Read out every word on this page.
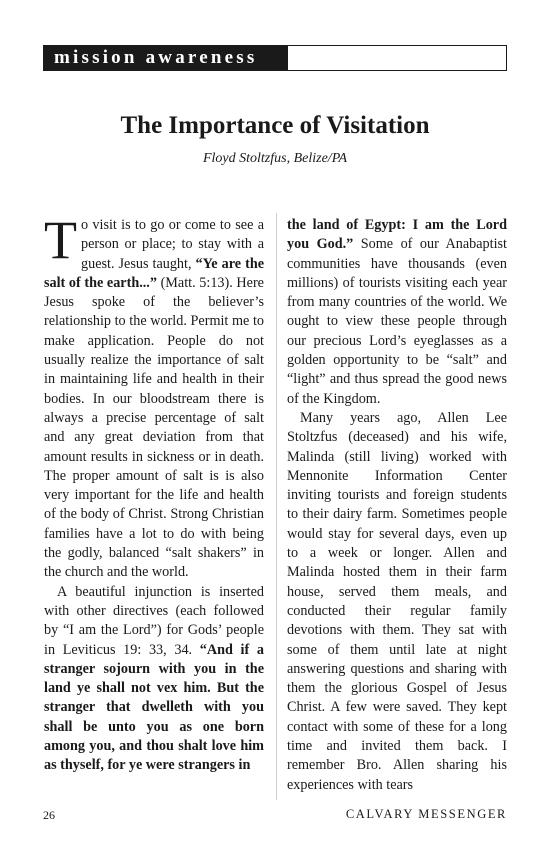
mission awareness
The Importance of Visitation
Floyd Stoltzfus, Belize/PA

To visit is to go or come to see a person or place; to stay with a guest. Jesus taught, “Ye are the salt of the earth...” (Matt. 5:13). Here Jesus spoke of the believer’s relationship to the world. Permit me to make application. People do not usually realize the importance of salt in maintaining life and health in their bodies. In our bloodstream there is always a precise percentage of salt and any great deviation from that amount results in sickness or in death. The proper amount of salt is is also very important for the life and health of the body of Christ. Strong Christian families have a lot to do with being the godly, balanced “salt shakers” in the church and the world.

A beautiful injunction is inserted with other directives (each followed by “I am the Lord”) for Gods’ people in Leviticus 19: 33, 34. “And if a stranger sojourn with you in the land ye shall not vex him. But the stranger that dwelleth with you shall be unto you as one born among you, and thou shalt love him as thyself, for ye were strangers in

the land of Egypt: I am the Lord you God.” Some of our Anabaptist communities have thousands (even millions) of tourists visiting each year from many countries of the world. We ought to view these people through our precious Lord’s eyeglasses as a golden opportunity to be “salt” and “light” and thus spread the good news of the Kingdom.

Many years ago, Allen Lee Stoltzfus (deceased) and his wife, Malinda (still living) worked with Mennonite Information Center inviting tourists and foreign students to their dairy farm. Sometimes people would stay for several days, even up to a week or longer. Allen and Malinda hosted them in their farm house, served them meals, and conducted their regular family devotions with them. They sat with some of them until late at night answering questions and sharing with them the glorious Gospel of Jesus Christ. A few were saved. They kept contact with some of these for a long time and invited them back. I remember Bro. Allen sharing his experiences with tears

26	CALVARY MESSENGER
